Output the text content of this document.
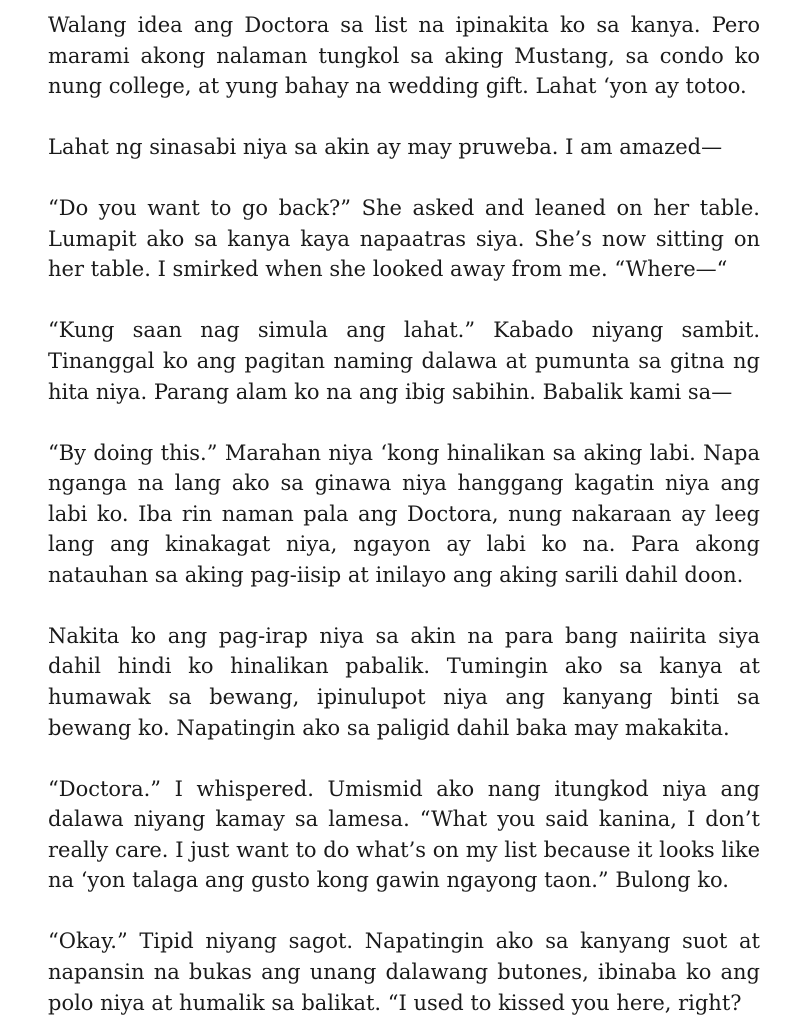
Walang idea ang Doctora sa list na ipinakita ko sa kanya. Pero marami akong nalaman tungkol sa aking Mustang, sa condo ko nung college, at yung bahay na wedding gift. Lahat ‘yon ay totoo.

Lahat ng sinasabi niya sa akin ay may pruweba. I am amazed—

“Do you want to go back?” She asked and leaned on her table. Lumapit ako sa kanya kaya napaatras siya. She’s now sitting on her table. I smirked when she looked away from me. “Where—“

“Kung saan nag simula ang lahat.” Kabado niyang sambit. Tinanggal ko ang pagitan naming dalawa at pumunta sa gitna ng hita niya. Parang alam ko na ang ibig sabihin. Babalik kami sa—

“By doing this.” Marahan niya ‘kong hinalikan sa aking labi. Napa nganga na lang ako sa ginawa niya hanggang kagatin niya ang labi ko. Iba rin naman pala ang Doctora, nung nakaraan ay leeg lang ang kinakagat niya, ngayon ay labi ko na. Para akong natauhan sa aking pag-iisip at inilayo ang aking sarili dahil doon.

Nakita ko ang pag-irap niya sa akin na para bang naiirita siya dahil hindi ko hinalikan pabalik. Tumingin ako sa kanya at humawak sa bewang, ipinulupot niya ang kanyang binti sa bewang ko. Napatingin ako sa paligid dahil baka may makakita.

“Doctora.” I whispered. Umismid ako nang itungkod niya ang dalawa niyang kamay sa lamesa. “What you said kanina, I don’t really care. I just want to do what’s on my list because it looks like na ‘yon talaga ang gusto kong gawin ngayong taon.” Bulong ko.

“Okay.” Tipid niyang sagot. Napatingin ako sa kanyang suot at napansin na bukas ang unang dalawang butones, ibinaba ko ang polo niya at humalik sa balikat. “I used to kissed you here, right?
